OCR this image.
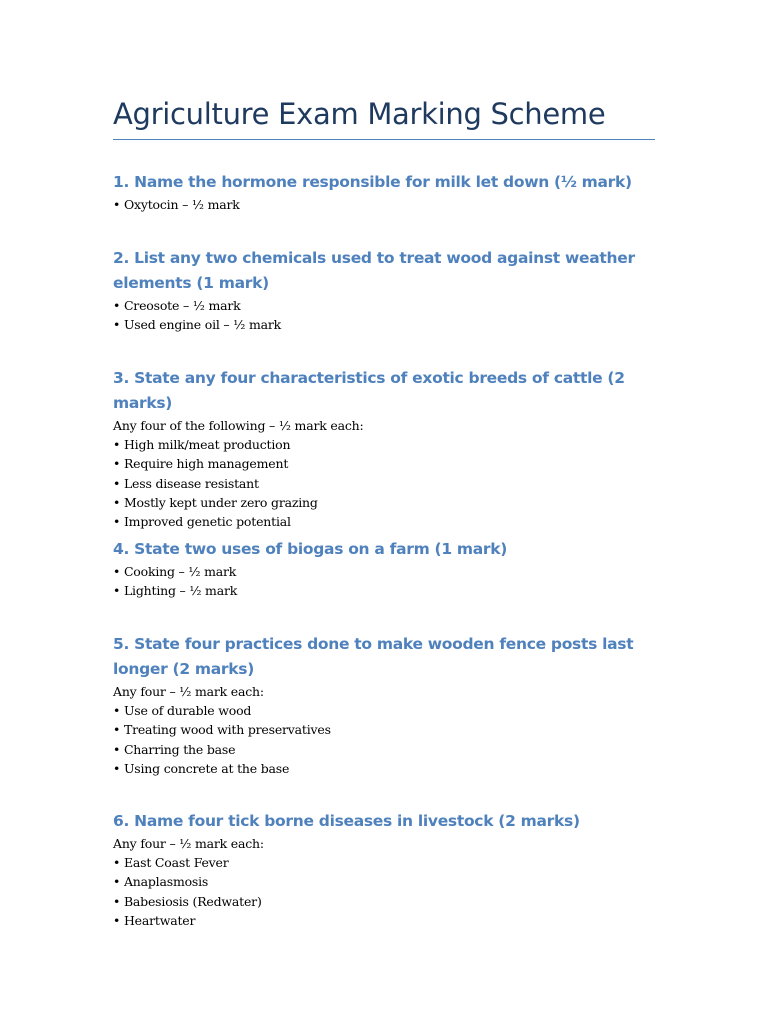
Agriculture Exam Marking Scheme

1. Name the hormone responsible for milk let down (½ mark)

• Oxytocin – ½ mark

2. List any two chemicals used to treat wood against weather elements (1 mark)

• Creosote – ½ mark

• Used engine oil – ½ mark

3. State any four characteristics of exotic breeds of cattle (2 marks)

Any four of the following – ½ mark each:

• High milk/meat production

• Require high management

• Less disease resistant

• Mostly kept under zero grazing

• Improved genetic potential

4. State two uses of biogas on a farm (1 mark)

• Cooking – ½ mark

• Lighting – ½ mark

5. State four practices done to make wooden fence posts last longer (2 marks)

Any four – ½ mark each:

• Use of durable wood

• Treating wood with preservatives

• Charring the base

• Using concrete at the base

6. Name four tick borne diseases in livestock (2 marks)

Any four – ½ mark each:

• East Coast Fever

• Anaplasmosis

• Babesiosis (Redwater)

• Heartwater
